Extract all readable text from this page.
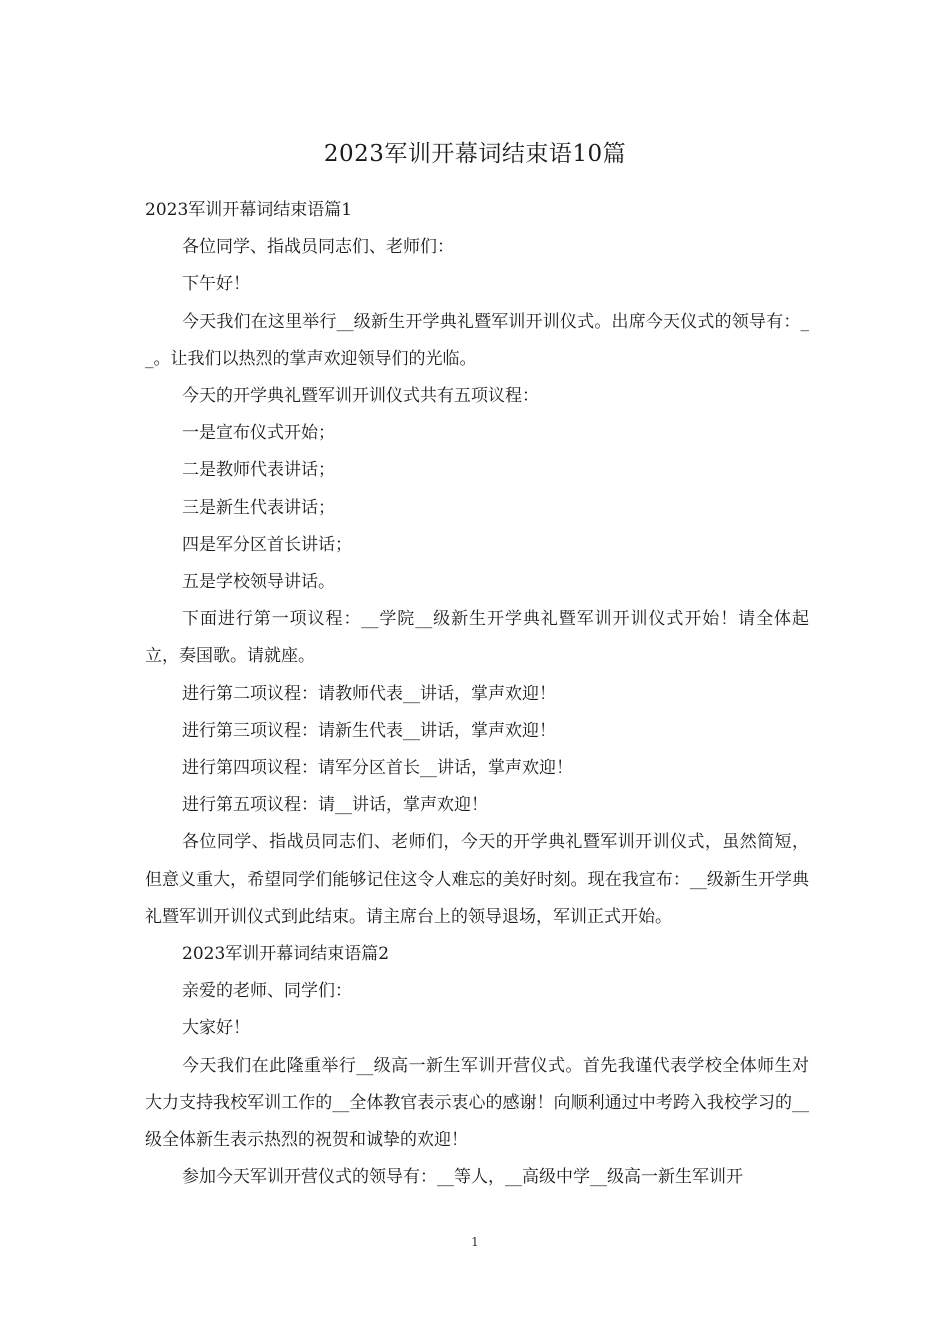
2023军训开幕词结束语10篇

2023军训开幕词结束语篇1

各位同学、指战员同志们、老师们：

下午好！

今天我们在这里举行__级新生开学典礼暨军训开训仪式。出席今天仪式的领导有：__。让我们以热烈的掌声欢迎领导们的光临。

今天的开学典礼暨军训开训仪式共有五项议程：

一是宣布仪式开始；

二是教师代表讲话；

三是新生代表讲话；

四是军分区首长讲话；

五是学校领导讲话。

下面进行第一项议程：__学院__级新生开学典礼暨军训开训仪式开始！请全体起立，奏国歌。请就座。

进行第二项议程：请教师代表__讲话，掌声欢迎！

进行第三项议程：请新生代表__讲话，掌声欢迎！

进行第四项议程：请军分区首长__讲话，掌声欢迎！

进行第五项议程：请__讲话，掌声欢迎！

各位同学、指战员同志们、老师们，今天的开学典礼暨军训开训仪式，虽然简短，但意义重大，希望同学们能够记住这令人难忘的美好时刻。现在我宣布：__级新生开学典礼暨军训开训仪式到此结束。请主席台上的领导退场，军训正式开始。

2023军训开幕词结束语篇2

亲爱的老师、同学们：

大家好！

今天我们在此隆重举行__级高一新生军训开营仪式。首先我谨代表学校全体师生对大力支持我校军训工作的__全体教官表示衷心的感谢！向顺利通过中考跨入我校学习的__级全体新生表示热烈的祝贺和诚挚的欢迎！

参加今天军训开营仪式的领导有：__等人，__高级中学__级高一新生军训开

1
